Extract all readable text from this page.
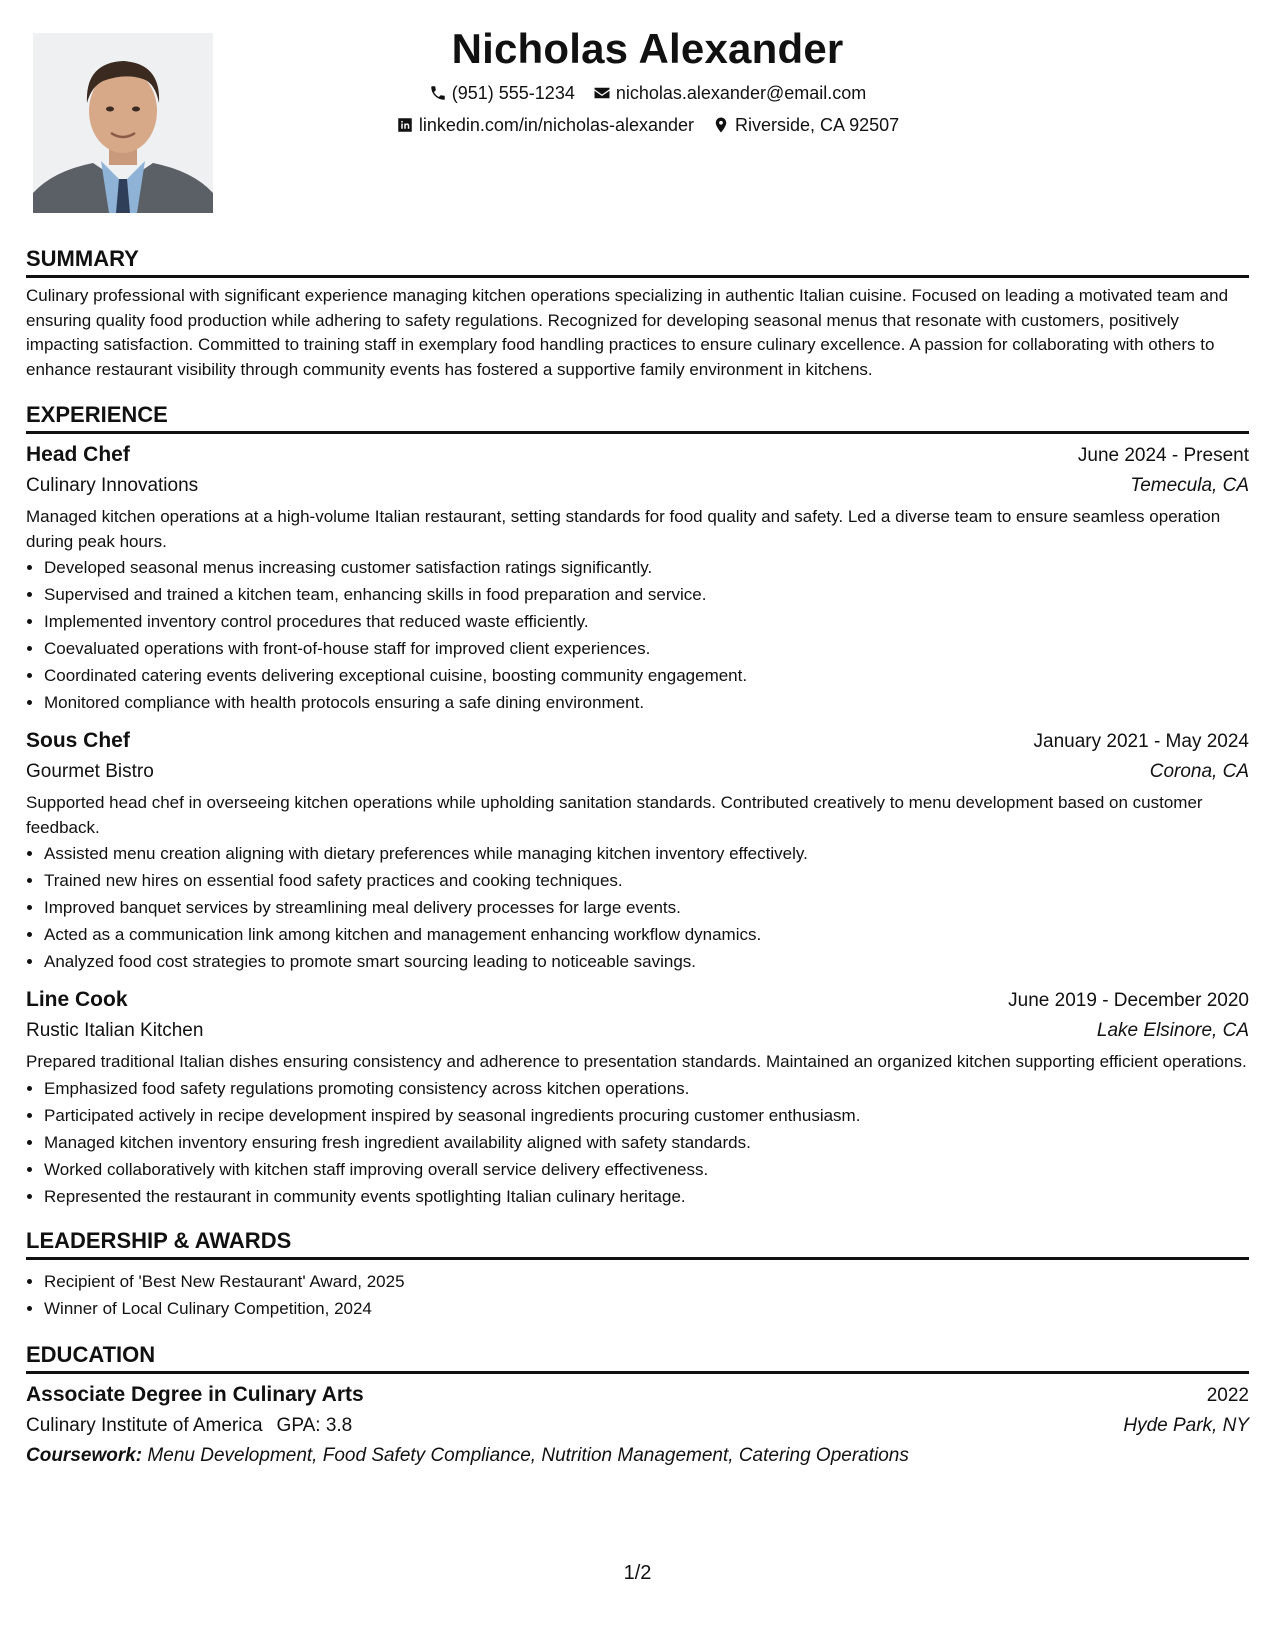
Nicholas Alexander
(951) 555-1234 nicholas.alexander@email.com
linkedin.com/in/nicholas-alexander Riverside, CA 92507
SUMMARY
Culinary professional with significant experience managing kitchen operations specializing in authentic Italian cuisine. Focused on leading a motivated team and ensuring quality food production while adhering to safety regulations. Recognized for developing seasonal menus that resonate with customers, positively impacting satisfaction. Committed to training staff in exemplary food handling practices to ensure culinary excellence. A passion for collaborating with others to enhance restaurant visibility through community events has fostered a supportive family environment in kitchens.
EXPERIENCE
Head Chef	June 2024 - Present
Culinary Innovations	Temecula, CA
Managed kitchen operations at a high-volume Italian restaurant, setting standards for food quality and safety. Led a diverse team to ensure seamless operation during peak hours.
• Developed seasonal menus increasing customer satisfaction ratings significantly.
• Supervised and trained a kitchen team, enhancing skills in food preparation and service.
• Implemented inventory control procedures that reduced waste efficiently.
• Coevaluated operations with front-of-house staff for improved client experiences.
• Coordinated catering events delivering exceptional cuisine, boosting community engagement.
• Monitored compliance with health protocols ensuring a safe dining environment.
Sous Chef	January 2021 - May 2024
Gourmet Bistro	Corona, CA
Supported head chef in overseeing kitchen operations while upholding sanitation standards. Contributed creatively to menu development based on customer feedback.
• Assisted menu creation aligning with dietary preferences while managing kitchen inventory effectively.
• Trained new hires on essential food safety practices and cooking techniques.
• Improved banquet services by streamlining meal delivery processes for large events.
• Acted as a communication link among kitchen and management enhancing workflow dynamics.
• Analyzed food cost strategies to promote smart sourcing leading to noticeable savings.
Line Cook	June 2019 - December 2020
Rustic Italian Kitchen	Lake Elsinore, CA
Prepared traditional Italian dishes ensuring consistency and adherence to presentation standards. Maintained an organized kitchen supporting efficient operations.
• Emphasized food safety regulations promoting consistency across kitchen operations.
• Participated actively in recipe development inspired by seasonal ingredients procuring customer enthusiasm.
• Managed kitchen inventory ensuring fresh ingredient availability aligned with safety standards.
• Worked collaboratively with kitchen staff improving overall service delivery effectiveness.
• Represented the restaurant in community events spotlighting Italian culinary heritage.
LEADERSHIP & AWARDS
• Recipient of 'Best New Restaurant' Award, 2025
• Winner of Local Culinary Competition, 2024
EDUCATION
Associate Degree in Culinary Arts	2022
Culinary Institute of America GPA: 3.8	Hyde Park, NY
Coursework: Menu Development, Food Safety Compliance, Nutrition Management, Catering Operations
1/2
